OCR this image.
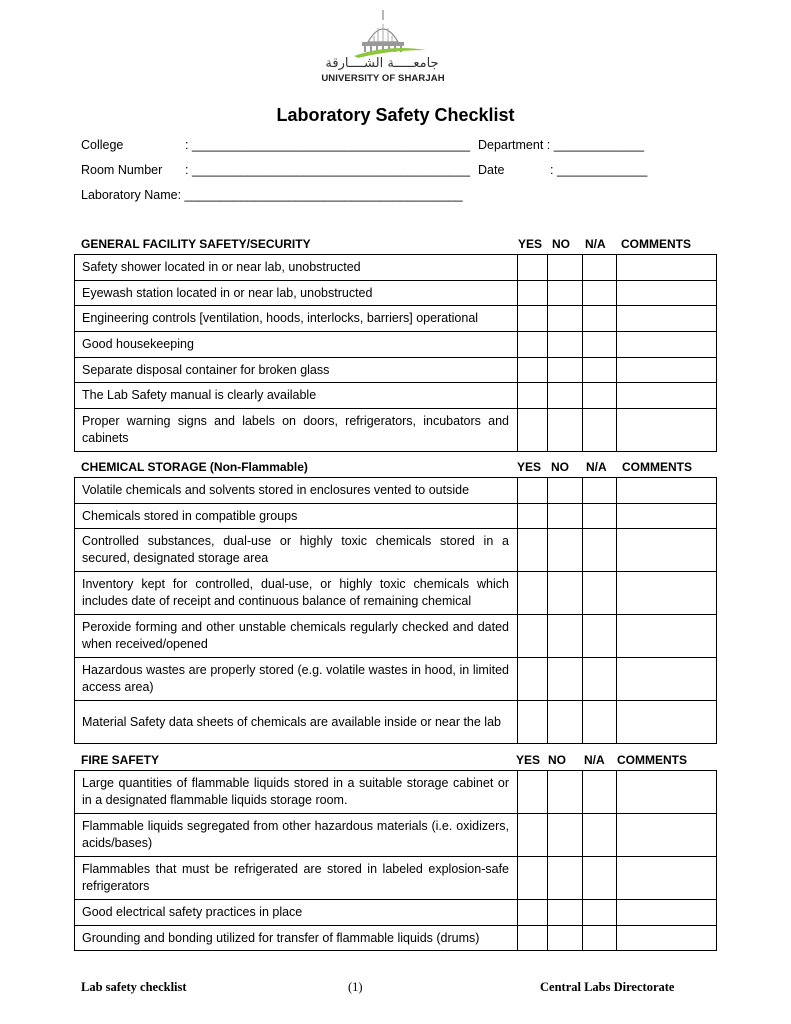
جامعـــــة الشــــارقة
UNIVERSITY OF SHARJAH
Laboratory Safety Checklist
College	: ________________________________________ Department : _____________
Room Number : ________________________________________ Date	: _____________
Laboratory Name: ________________________________________
GENERAL FACILITY SAFETY/SECURITY	YES NO N/A COMMENTS
Safety shower located in or near lab, unobstructed				
Eyewash station located in or near lab, unobstructed				
Engineering controls [ventilation, hoods, interlocks, barriers] operational				
Good housekeeping				
Separate disposal container for broken glass				
The Lab Safety manual is clearly available				
Proper warning signs and labels on doors, refrigerators, incubators and cabinets				
CHEMICAL STORAGE (Non-Flammable)	YES NO N/A COMMENTS
Volatile chemicals and solvents stored in enclosures vented to outside				
Chemicals stored in compatible groups				
Controlled substances, dual-use or highly toxic chemicals stored in a secured, designated storage area				
Inventory kept for controlled, dual-use, or highly toxic chemicals which includes date of receipt and continuous balance of remaining chemical				
Peroxide forming and other unstable chemicals regularly checked and dated when received/opened				
Hazardous wastes are properly stored (e.g. volatile wastes in hood, in limited access area)				
Material Safety data sheets of chemicals are available inside or near the lab				
FIRE SAFETY	YES NO N/A COMMENTS
Large quantities of flammable liquids stored in a suitable storage cabinet or in a designated flammable liquids storage room.				
Flammable liquids segregated from other hazardous materials (i.e. oxidizers, acids/bases)				
Flammables that must be refrigerated are stored in labeled explosion-safe refrigerators				
Good electrical safety practices in place				
Grounding and bonding utilized for transfer of flammable liquids (drums)				
Lab safety checklist	(1)	Central Labs Directorate
